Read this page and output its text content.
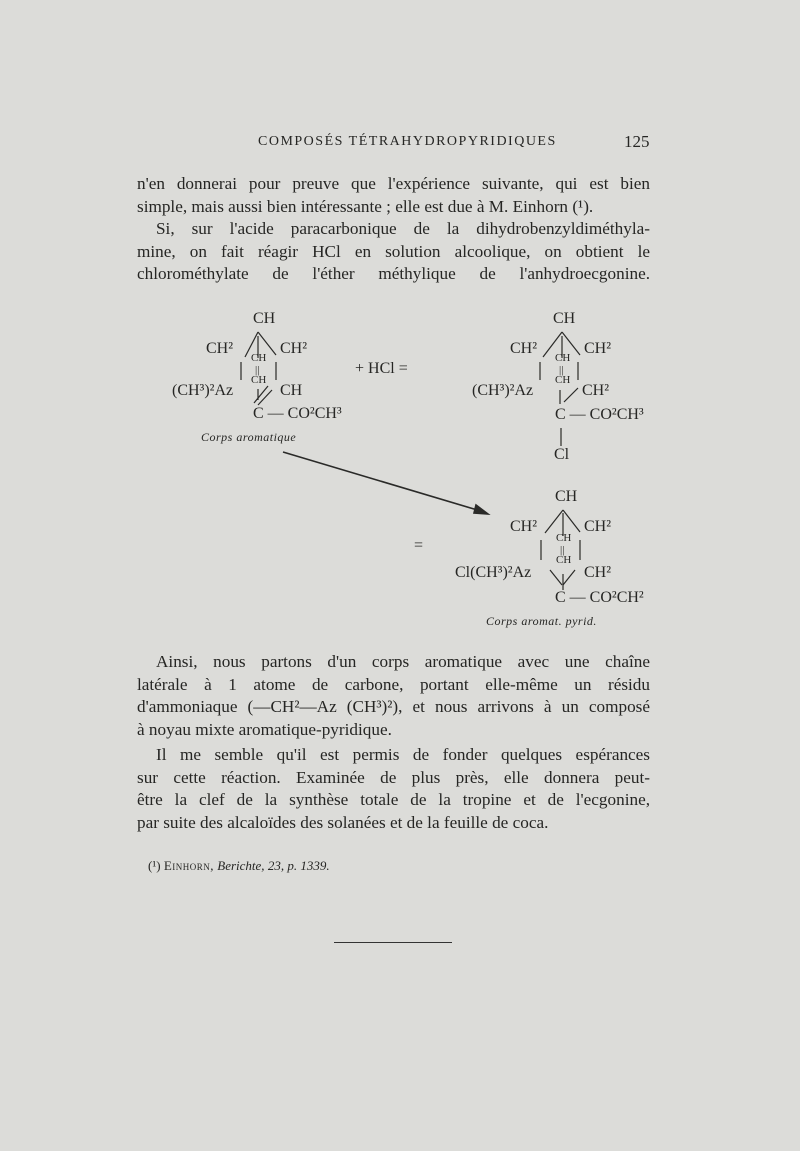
COMPOSÉS TÉTRAHYDROPYRIDIQUES	125

n'en donnerai pour preuve que l'expérience suivante, qui est bien
simple, mais aussi bien intéressante ; elle est due à M. Einhorn (¹).
Si, sur l'acide paracarbonique de la dihydrobenzyldiméthyla-
mine, on fait réagir HCl en solution alcoolique, on obtient le
chlorométhylate de l'éther méthylique de l'anhydroecgonine.

CH
CH²	CH²
CH
||
CH
(CH³)²Az	CH
C — CO²CH³
Corps aromatique
+ HCl =
CH
CH²	CH²
CH
||
CH
(CH³)²Az	CH²
C — CO²CH³
Cl
=
CH
CH²	CH²
CH
||
CH
Cl(CH³)²Az	CH²
C — CO²CH²
Corps aromat. pyrid.

Ainsi, nous partons d'un corps aromatique avec une chaîne
latérale à 1 atome de carbone, portant elle-même un résidu
d'ammoniaque (—CH²—Az (CH³)²), et nous arrivons à un composé
à noyau mixte aromatique-pyridique.

Il me semble qu'il est permis de fonder quelques espérances
sur cette réaction. Examinée de plus près, elle donnera peut-
être la clef de la synthèse totale de la tropine et de l'ecgonine,
par suite des alcaloïdes des solanées et de la feuille de coca.

(¹) Einhorn, Berichte, 23, p. 1339.
